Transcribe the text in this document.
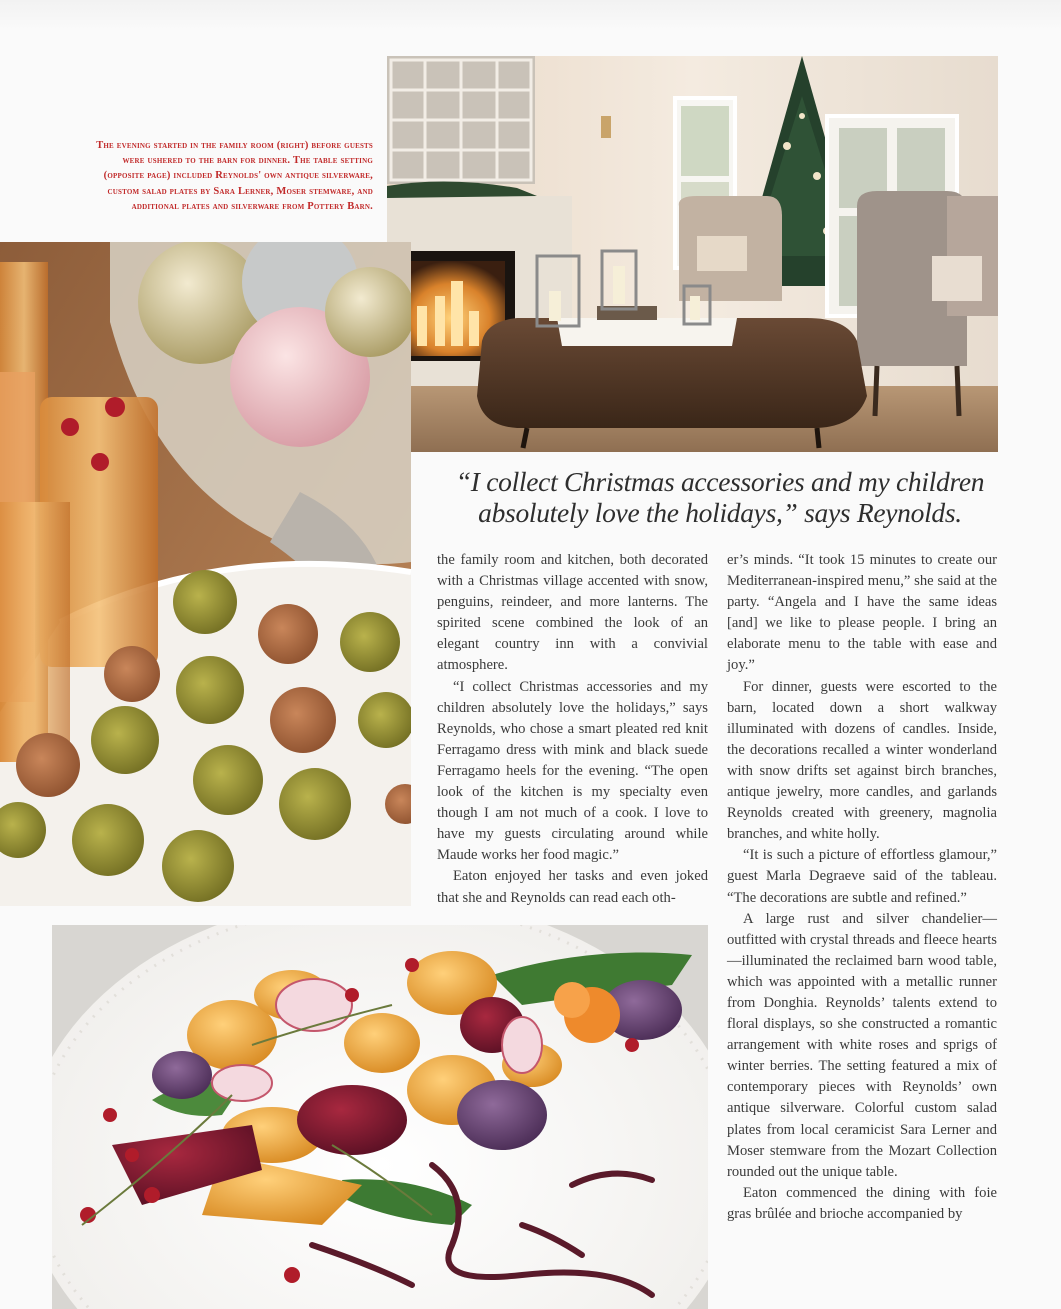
The evening started in the family room (right) before guests were ushered to the barn for dinner. The table setting (opposite page) included Reynolds' own antique silverware, custom salad plates by Sara Lerner, Moser stemware, and additional plates and silverware from Pottery Barn.

“I collect Christmas accessories and my children absolutely love the holidays,” says Reynolds.

the family room and kitchen, both decorated with a Christmas village accented with snow, penguins, reindeer, and more lanterns. The spirited scene combined the look of an elegant country inn with a convivial atmosphere.

“I collect Christmas accessories and my children absolutely love the holidays,” says Reynolds, who chose a smart pleated red knit Ferragamo dress with mink and black suede Ferragamo heels for the evening. “The open look of the kitchen is my specialty even though I am not much of a cook. I love to have my guests circulating around while Maude works her food magic.”

Eaton enjoyed her tasks and even joked that she and Reynolds can read each oth-

er’s minds. “It took 15 minutes to create our Mediterranean-inspired menu,” she said at the party. “Angela and I have the same ideas [and] we like to please people. I bring an elaborate menu to the table with ease and joy.”

For dinner, guests were escorted to the barn, located down a short walkway illuminated with dozens of candles. Inside, the decorations recalled a winter wonderland with snow drifts set against birch branches, antique jewelry, more candles, and garlands Reynolds created with greenery, magnolia branches, and white holly.

“It is such a picture of effortless glamour,” guest Marla Degraeve said of the tableau. “The decorations are subtle and refined.”

A large rust and silver chandelier—outfitted with crystal threads and fleece hearts—illuminated the reclaimed barn wood table, which was appointed with a metallic runner from Donghia. Reynolds’ talents extend to floral displays, so she constructed a romantic arrangement with white roses and sprigs of winter berries. The setting featured a mix of contemporary pieces with Reynolds’ own antique silverware. Colorful custom salad plates from local ceramicist Sara Lerner and Moser stemware from the Mozart Collection rounded out the unique table.

Eaton commenced the dining with foie gras brûlée and brioche accompanied by
